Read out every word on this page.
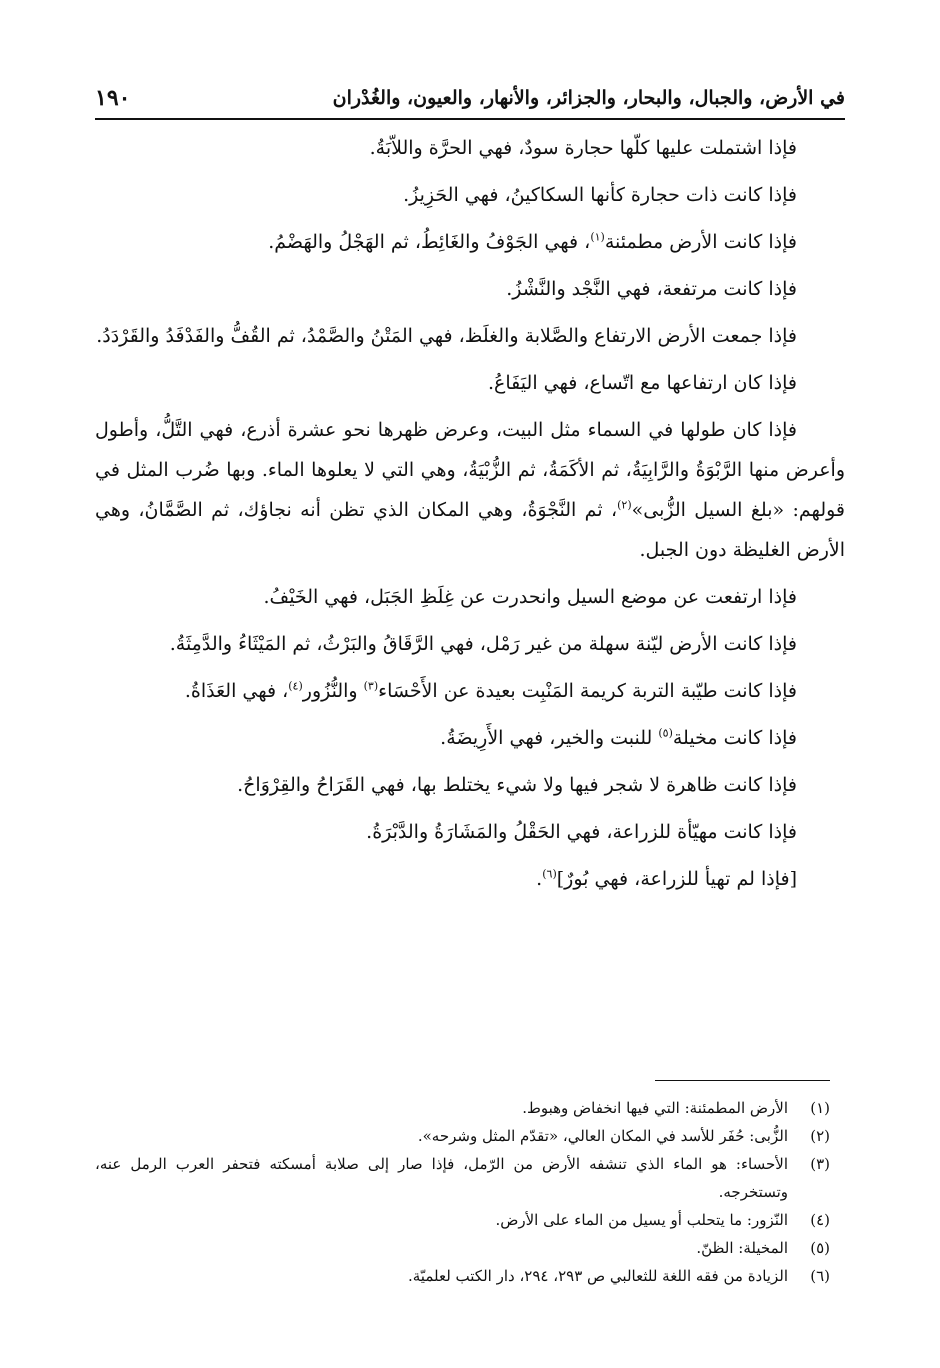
في الأرض، والجبال، والبحار، والجزائر، والأنهار، والعيون، والغُدْران
١٩٠

فإذا اشتملت عليها كلّها حجارة سودٌ، فهي الحرَّة واللاّبَةُ.

فإذا كانت ذات حجارة كأنها السكاكينُ، فهي الحَزِيزُ.

فإذا كانت الأرض مطمئنة$^{(١)}$، فهي الجَوْفُ والغَائِطُ، ثم الهَجْلُ والهَضْمُ.

فإذا كانت مرتفعة، فهي النَّجْد والنَّشْزُ.

فإذا جمعت الأرض الارتفاع والصَّلابة والغلَظ، فهي المَتْنُ والصَّمْدُ، ثم القُفُّ والفَدْفَدُ والقَرْدَدُ.

فإذا كان ارتفاعها مع اتّساع، فهي اليَفَاعُ.

فإذا كان طولها في السماء مثل البيت، وعرض ظهرها نحو عشرة أذرع، فهي التَّلُّ، وأطول وأعرض منها الرَّبْوَةُ والرَّابِيَةُ، ثم الأكَمَةُ، ثم الزُّبْيَةُ، وهي التي لا يعلوها الماء. وبها ضُرب المثل في قولهم: «بلغ السيل الزُّبى»$^{(٢)}$، ثم النَّجْوَةُ، وهي المكان الذي تظن أنه نجاؤك، ثم الصَّمَّانُ، وهي الأرض الغليظة دون الجبل.

فإذا ارتفعت عن موضع السيل وانحدرت عن غِلَظِ الجَبَل، فهي الخَيْفُ.

فإذا كانت الأرض ليّنة سهلة من غير رَمْل، فهي الرَّقَاقُ والبَرْثُ، ثم المَيْثَاءُ والدَّمِثَةُ.

فإذا كانت طيّبة التربة كريمة المَنْبِت بعيدة عن الأَحْسَاء$^{(٣)}$ والنُّزُور$^{(٤)}$، فهي العَذَاةُ.

فإذا كانت مخيلة$^{(٥)}$ للنبت والخير، فهي الأَرِيضَةُ.

فإذا كانت ظاهرة لا شجر فيها ولا شيء يختلط بها، فهي القَرَاحُ والقِرْوَاحُ.

فإذا كانت مهيّأة للزراعة، فهي الحَقْلُ والمَشَارَةُ والدَّبْرَةُ.

[فإذا لم تهيأ للزراعة، فهي بُورٌ]$^{(٦)}$.

(١)
الأرض المطمئنة: التي فيها انخفاض وهبوط.
(٢)
الزُّبى: حُفَر للأسد في المكان العالي، «تقدّم المثل وشرحه».
(٣)
الأحساء: هو الماء الذي تنشفه الأرض من الرّمل، فإذا صار إلى صلابة أمسكته فتحفر العرب الرمل عنه، وتستخرجه.
(٤)
النّزور: ما يتحلب أو يسيل من الماء على الأرض.
(٥)
المخيلة: الظنّ.
(٦)
الزيادة من فقه اللغة للثعالبي ص ٢٩٣، ٢٩٤، دار الكتب لعلميّة.
